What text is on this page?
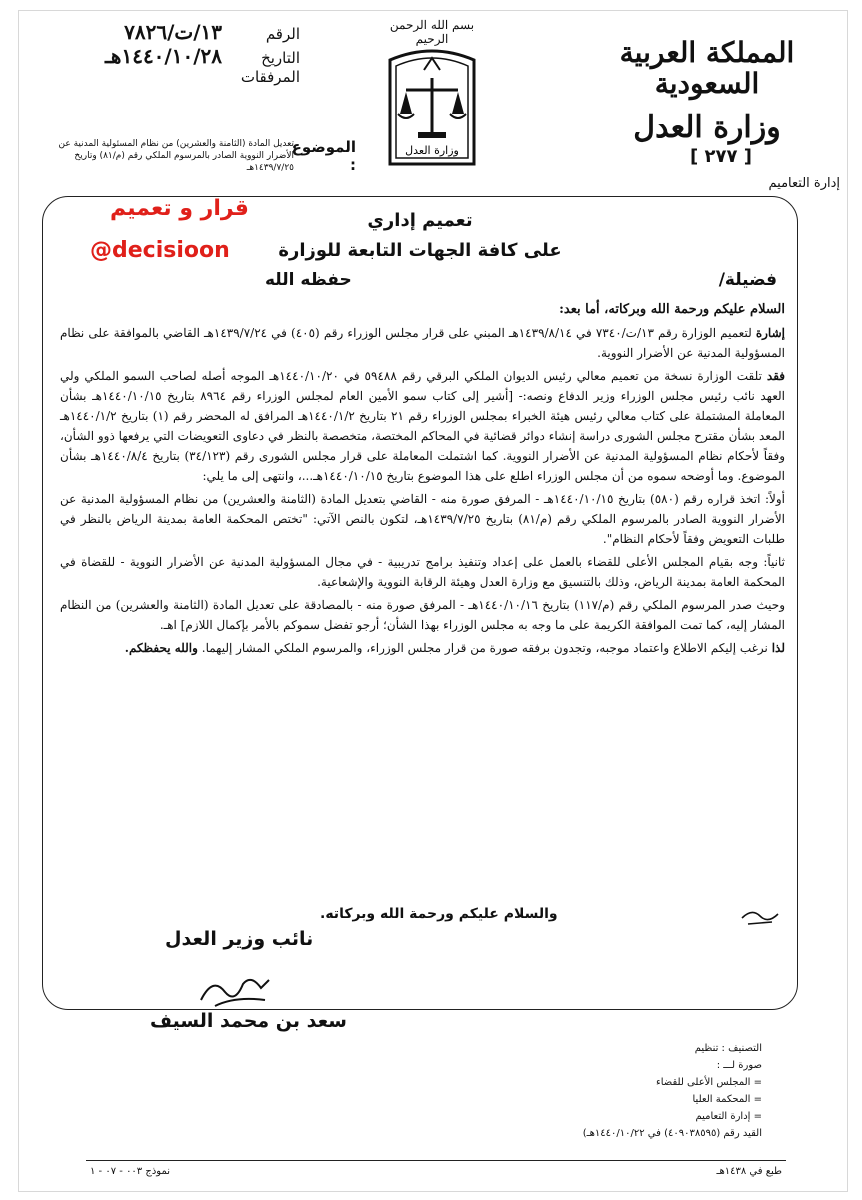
المملكة العربية السعودية
وزارة العدل
[ ٢٧٧ ]
إدارة التعاميم
بسم الله الرحمن الرحيم
وزارة العدل
الرقم
١٣/ت/٧٨٢٦
التاريخ
١٤٤٠/١٠/٢٨هـ
المرفقات
الموضوع :
تعديل المادة (الثامنة والعشرين) من نظام المسئولية المدنية عن الأضرار النووية الصادر بالمرسوم الملكي رقم (م/٨١) وتاريخ ١٤٣٩/٧/٢٥هـ
قرار و تعميم
@decisioon
تعميم إداري
على كافة الجهات التابعة للوزارة
فضيلة/
حفظه الله

السلام عليكم ورحمة الله وبركاته، أما بعد:

إشارة لتعميم الوزارة رقم ١٣/ت/٧٣٤٠ في ١٤٣٩/٨/١٤هـ المبني على قرار مجلس الوزراء رقم (٤٠٥) في ١٤٣٩/٧/٢٤هـ القاضي بالموافقة على نظام المسؤولية المدنية عن الأضرار النووية.

فقد تلقت الوزارة نسخة من تعميم معالي رئيس الديوان الملكي البرقي رقم ٥٩٤٨٨ في ١٤٤٠/١٠/٢٠هـ الموجه أصله لصاحب السمو الملكي ولي العهد نائب رئيس مجلس الوزراء وزير الدفاع ونصه:- [أشير إلى كتاب سمو الأمين العام لمجلس الوزراء رقم ٨٩٦٤ بتاريخ ١٤٤٠/١٠/١٥هـ بشأن المعاملة المشتملة على كتاب معالي رئيس هيئة الخبراء بمجلس الوزراء رقم ٢١ بتاريخ ١٤٤٠/١/٢هـ المرافق له المحضر رقم (١) بتاريخ ١٤٤٠/١/٢هـ المعد بشأن مقترح مجلس الشورى دراسة إنشاء دوائر قضائية في المحاكم المختصة، متخصصة بالنظر في دعاوى التعويضات التي يرفعها ذوو الشأن، وفقاً لأحكام نظام المسؤولية المدنية عن الأضرار النووية. كما اشتملت المعاملة على قرار مجلس الشورى رقم (٣٤/١٢٣) بتاريخ ١٤٤٠/٨/٤هـ بشأن الموضوع. وما أوضحه سموه من أن مجلس الوزراء اطلع على هذا الموضوع بتاريخ ١٤٤٠/١٠/١٥هـ...، وانتهى إلى ما يلي:

أولاً: اتخذ قراره رقم (٥٨٠) بتاريخ ١٤٤٠/١٠/١٥هـ - المرفق صورة منه - القاضي بتعديل المادة (الثامنة والعشرين) من نظام المسؤولية المدنية عن الأضرار النووية الصادر بالمرسوم الملكي رقم (م/٨١) بتاريخ ١٤٣٩/٧/٢٥هـ، لتكون بالنص الآتي: "تختص المحكمة العامة بمدينة الرياض بالنظر في طلبات التعويض وفقاً لأحكام النظام".

ثانياً: وجه بقيام المجلس الأعلى للقضاء بالعمل على إعداد وتنفيذ برامج تدريبية - في مجال المسؤولية المدنية عن الأضرار النووية - للقضاة في المحكمة العامة بمدينة الرياض، وذلك بالتنسيق مع وزارة العدل وهيئة الرقابة النووية والإشعاعية.

وحيث صدر المرسوم الملكي رقم (م/١١٧) بتاريخ ١٤٤٠/١٠/١٦هـ - المرفق صورة منه - بالمصادقة على تعديل المادة (الثامنة والعشرين) من النظام المشار إليه، كما تمت الموافقة الكريمة على ما وجه به مجلس الوزراء بهذا الشأن؛ أرجو تفضل سموكم بالأمر بإكمال اللازم] اهـ.

لذا نرغب إليكم الاطلاع واعتماد موجبه، وتجدون برفقه صورة من قرار مجلس الوزراء، والمرسوم الملكي المشار إليهما. والله يحفظكم.

والسلام عليكم ورحمة الله وبركاته.
نائب وزير العدل
سعد بن محمد السيف
التصنيف : تنظيم
صورة لـــ :
= المجلس الأعلى للقضاء
= المحكمة العليا
= إدارة التعاميم
القيد رقم (٤٠٩٠٣٨٥٩٥) في ١٤٤٠/١٠/٢٢هـ)
طبع في ١٤٣٨هـ
نموذج ٠٠٣ - ٠٧ - ١
